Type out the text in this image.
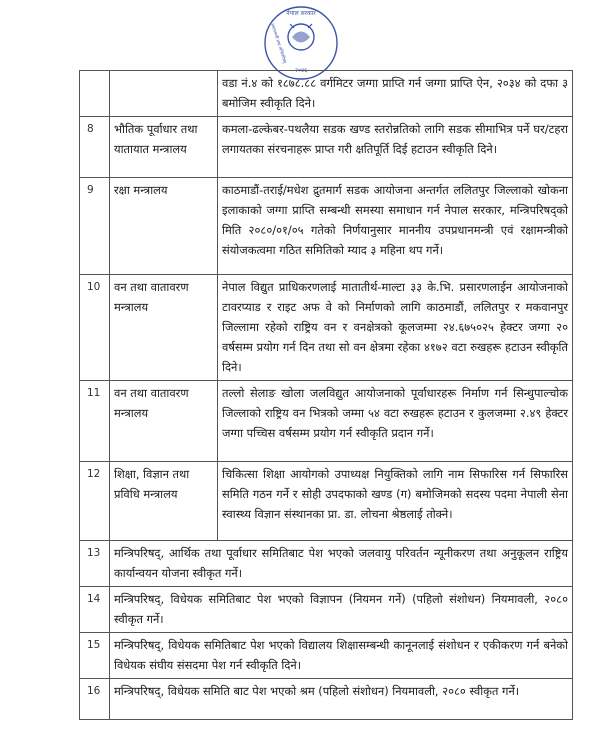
नेपाल सरकार
प्रधानमन्त्री तथा मन्त्रिपरिषद्
२०४६
		वडा नं.४ को १८७८.८८ वर्गमिटर जग्गा प्राप्ति गर्न जग्गा प्राप्ति ऐन, २०३४ को दफा ३ बमोजिम स्वीकृति दिने।
8	भौतिक पूर्वाधार तथा यातायात मन्त्रालय	कमला-ढल्केबर-पथलैया सडक खण्ड स्तरोन्नतिको लागि सडक सीमाभित्र पर्ने घर/टहरा लगायतका संरचनाहरू प्राप्त गरी क्षतिपूर्ति दिई हटाउन स्वीकृति दिने।
9	रक्षा मन्त्रालय	काठमाडौं-तराई/मधेश द्रुतमार्ग सडक आयोजना अन्तर्गत ललितपुर जिल्लाको खोकना इलाकाको जग्गा प्राप्ति सम्बन्धी समस्या समाधान गर्न नेपाल सरकार, मन्त्रिपरिषद्को मिति २०८०/०१/०५ गतेको निर्णयानुसार माननीय उपप्रधानमन्त्री एवं रक्षामन्त्रीको संयोजकत्वमा गठित समितिको म्याद ३ महिना थप गर्ने।
10	वन तथा वातावरण मन्त्रालय	नेपाल विद्युत प्राधिकरणलाई मातातीर्थ-माल्टा ३३ के.भि. प्रसारणलाईन आयोजनाको टावरप्याड र राइट अफ वे को निर्माणको लागि काठमाडौं, ललितपुर र मकवानपुर जिल्लामा रहेको राष्ट्रिय वन र वनक्षेत्रको कूलजम्मा २४.६७५०२५ हेक्टर जग्गा २० वर्षसम्म प्रयोग गर्न दिन तथा सो वन क्षेत्रमा रहेका ४१७२ वटा रुखहरू हटाउन स्वीकृति दिने।
11	वन तथा वातावरण मन्त्रालय	तल्लो सेलाङ खोला जलविद्युत आयोजनाको पूर्वाधारहरू निर्माण गर्न सिन्धुपाल्चोक जिल्लाको राष्ट्रिय वन भित्रको जम्मा ५४ वटा रुखहरू हटाउन र कुलजम्मा २.४९ हेक्टर जग्गा पच्चिस वर्षसम्म प्रयोग गर्न स्वीकृति प्रदान गर्ने।
12	शिक्षा, विज्ञान तथा प्रविधि मन्त्रालय	चिकित्सा शिक्षा आयोगको उपाध्यक्ष नियुक्तिको लागि नाम सिफारिस गर्न सिफारिस समिति गठन गर्ने र सोही उपदफाको खण्ड (ग) बमोजिमको सदस्य पदमा नेपाली सेना स्वास्थ्य विज्ञान संस्थानका प्रा. डा. लोचना श्रेष्ठलाई तोक्ने।
13	मन्त्रिपरिषद्, आर्थिक तथा पूर्वाधार समितिबाट पेश भएको जलवायु परिवर्तन न्यूनीकरण तथा अनुकूलन राष्ट्रिय कार्यान्वयन योजना स्वीकृत गर्ने।	
14	मन्त्रिपरिषद्, विधेयक समितिबाट पेश भएको विज्ञापन (नियमन गर्ने) (पहिलो संशोधन) नियमावली, २०८० स्वीकृत गर्ने।	
15	मन्त्रिपरिषद्, विधेयक समितिबाट पेश भएको विद्यालय शिक्षासम्बन्धी कानूनलाई संशोधन र एकीकरण गर्न बनेको विधेयक संघीय संसदमा पेश गर्न स्वीकृति दिने।	
16	मन्त्रिपरिषद्, विधेयक समिति बाट पेश भएको श्रम (पहिलो संशोधन) नियमावली, २०८० स्वीकृत गर्ने।	
